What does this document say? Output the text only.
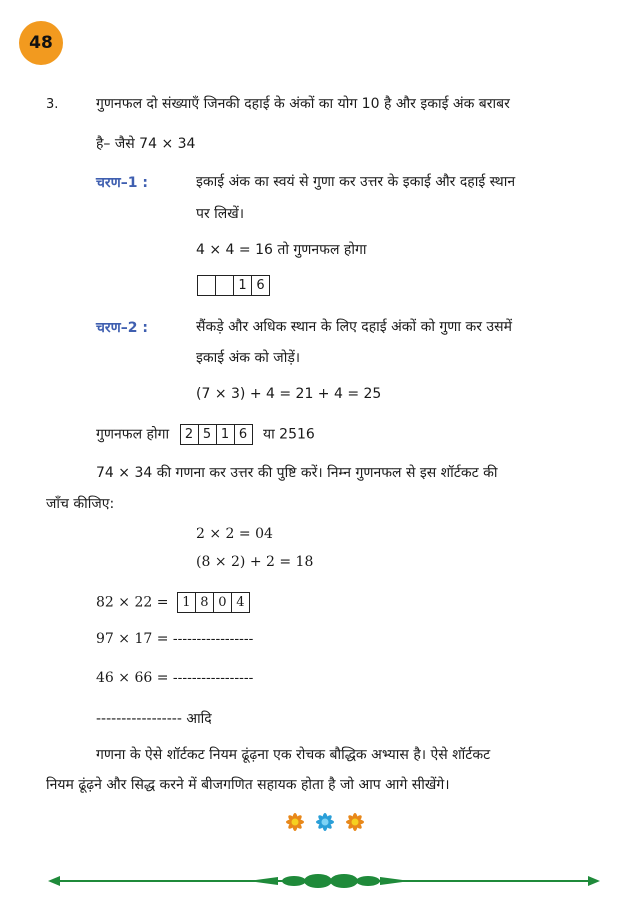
48
3.	गुणनफल दो संख्याएँ जिनकी दहाई के अंकों का योग 10 है और इकाई अंक बराबर
है– जैसे 74 × 34
चरण–1 :	इकाई अंक का स्वयं से गुणा कर उत्तर के इकाई और दहाई स्थान
पर लिखें।
4 × 4 = 16 तो गुणनफल होगा
1 6
चरण–2 :	सैंकड़े और अधिक स्थान के लिए दहाई अंकों को गुणा कर उसमें
इकाई अंक को जोड़ें।
(7 × 3) + 4 = 21 + 4 = 25
गुणनफल होगा	2 5 1 6	या 2516
74 × 34 की गणना कर उत्तर की पुष्टि करें। निम्न गुणनफल से इस शॉर्टकट की
जाँच कीजिए:
2 × 2 = 04
(8 × 2) + 2 = 18
82 × 22 =	1 8 0 4
97 × 17 = -----------------
46 × 66 = -----------------
----------------- आदि
गणना के ऐसे शॉर्टकट नियम ढूंढ़ना एक रोचक बौद्धिक अभ्यास है। ऐसे शॉर्टकट
नियम ढूंढ़ने और सिद्ध करने में बीजगणित सहायक होता है जो आप आगे सीखेंगे।
